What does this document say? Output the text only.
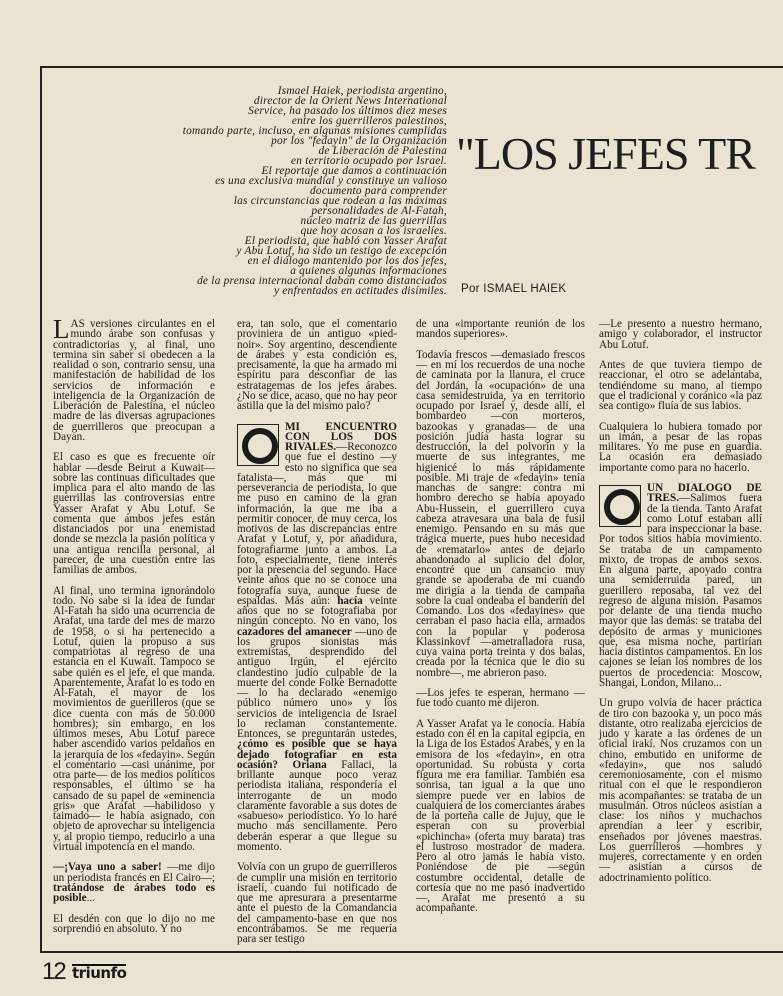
Ismael Haiek, periodista argentino,
director de la Orient News International
Service, ha pasado los últimos diez meses
entre los guerrilleros palestinos,
tomando parte, incluso, en algunas misiones cumplidas
por los "fedayin" de la Organización
de Liberación de Palestina
en territorio ocupado por Israel.
El reportaje que damos a continuación
es una exclusiva mundial y constituye un valioso
documento para comprender
las circunstancias que rodean a las máximas
personalidades de Al-Fatah,
núcleo matriz de las guerrillas
que hoy acosan a los israelíes.
El periodista, que habló con Yasser Arafat
y Abu Lotuf, ha sido un testigo de excepción
en el diálogo mantenido por los dos jefes,
a quienes algunas informaciones
de la prensa internacional daban como distanciados
y enfrentados en actitudes disímiles.
"LOS JEFES TR
Por ISMAEL HAIEK

LAS versiones circulantes en el mundo árabe son confusas y contradictorias y, al final, uno termina sin saber si obedecen a la realidad o son, contrario sensu, una manifestación de habilidad de los servicios de información e inteligencia de la Organización de Liberación de Palestina, el núcleo madre de las diversas agrupaciones de guerrilleros que preocupan a Dayan.

El caso es que es frecuente oír hablar —desde Beirut a Kuwait— sobre las continuas dificultades que implica para el alto mando de las guerrillas las controversias entre Yasser Arafat y Abu Lotuf. Se comenta que ambos jefes están distanciados por una enemistad donde se mezcla la pasión política y una antigua rencilla personal, al parecer, de una cuestión entre las familias de ambos.

Al final, uno termina ignorándolo todo. No sabe si la idea de fundar Al-Fatah ha sido una ocurrencia de Arafat, una tarde del mes de marzo de 1958, o si ha pertenecido a Lotuf, quien la propuso a sus compatriotas al regreso de una estancia en el Kuwait. Tampoco se sabe quién es el jefe, el que manda. Aparentemente, Arafat lo es todo en Al-Fatah, el mayor de los movimientos de guerilleros (que se dice cuenta con más de 50.000 hombres); sin embargo, en los últimos meses, Abu Lotuf parece haber ascendido varios peldaños en la jerarquía de los «fedayin». Según el comentario —casi unánime, por otra parte— de los medios políticos responsables, el último se ha cansado de su papel de «eminencia gris» que Arafat —habilidoso y taimado— le había asignado, con objeto de aprovechar su inteligencia y, al propio tiempo, reducirlo a una virtual impotencia en el mando.

—¡Vaya uno a saber! —me dijo un periodista francés en El Cairo—; tratándose de árabes todo es posible...

El desdén con que lo dijo no me sorprendió en absoluto. Y no

era, tan solo, que el comentario proviniera de un antiguo «pied-noir». Soy argentino, descendiente de árabes y esta condición es, precisamente, la que ha armado mi espíritu para desconfiar de las estratagemas de los jefes árabes. ¿No se dice, acaso, que no hay peor astilla que la del mismo palo?

MI ENCUENTRO CON LOS DOS RIVALES.—Reconozco que fue el destino —y esto no significa que sea fatalista—, más que mi perseverancia de periodista, lo que me puso en camino de la gran información, la que me iba a permitir conocer, de muy cerca, los motivos de las discrepancias entre Arafat y Lotuf, y, por añadidura, fotografiarme junto a ambos. La foto, especialmente, tiene interés por la presencia del segundo. Hace veinte años que no se conoce una fotografía suya, aunque fuese de espaldas. Más aún: hacía veinte años que no se fotografiaba por ningún concepto. No en vano, los cazadores del amanecer —uno de los grupos sionistas más extremistas, desprendido del antiguo Irgún, el ejército clandestino judío culpable de la muerte del conde Folke Bernadotte— lo ha declarado «enemigo público número uno» y los servicios de inteligencia de Israel lo reclaman constantemente. Entonces, se preguntarán ustedes, ¿cómo es posible que se haya dejado fotografiar en esta ocasión? Oriana Fallaci, la brillante aunque poco veraz periodista italiana, respondería el interrogante de un modo claramente favorable a sus dotes de «sabueso» periodístico. Yo lo haré mucho más sencillamente. Pero deberán esperar a que llegue su momento.

Volvía con un grupo de guerrilleros de cumplir una misión en territorio israelí, cuando fui notificado de que me apresurara a presentarme ante el puesto de la Comandancia del campamento-base en que nos encontrábamos. Se me requería para ser testigo

de una «importante reunión de los mandos superiores».

Todavía frescos —demasiado frescos— en mí los recuerdos de una noche de caminata por la llanura, el cruce del Jordán, la «ocupación» de una casa semidestruida, ya en territorio ocupado por Israel y, desde allí, el bombardeo —con morteros, bazookas y granadas— de una posición judía hasta lograr su destrucción, la del polvorín y la muerte de sus integrantes, me higienicé lo más rápidamente posible. Mi traje de «fedayin» tenía manchas de sangre: contra mi hombro derecho se había apoyado Abu-Hussein, el guerrillero cuya cabeza atravesara una bala de fusil enemigo. Pensando en su más que trágica muerte, pues hubo necesidad de «rematarlo» antes de dejarlo abandonado al suplicio del dolor, encontré que un cansancio muy grande se apoderaba de mí cuando me dirigía a la tienda de campaña sobre la cual ondeaba el banderín del Comando. Los dos «fedayines» que cerraban el paso hacia ella, armados con la popular y poderosa Klassinkovf —ametralladora rusa, cuya vaina porta treinta y dos balas, creada por la técnica que le dio su nombre—, me abrieron paso.

—Los jefes te esperan, hermano —fue todo cuanto me dijeron.

A Yasser Arafat ya le conocía. Había estado con él en la capital egipcia, en la Liga de los Estados Arabes, y en la emisora de los «fedayin», en otra oportunidad. Su robusta y corta figura me era familiar. También esa sonrisa, tan igual a la que uno siempre puede ver en labios de cualquiera de los comerciantes árabes de la porteña calle de Jujuy, que le esperan con su proverbial «pichincha» (oferta muy barata) tras el lustroso mostrador de madera. Pero al otro jamás le había visto. Poniéndose de pie —según costumbre occidental, detalle de cortesía que no me pasó inadvertido—, Arafat me presentó a su acompañante.

—Le presento a nuestro hermano, amigo y colaborador, el instructor Abu Lotuf.

Antes de que tuviera tiempo de reaccionar, el otro se adelantaba, tendiéndome su mano, al tiempo que el tradicional y coránico «la paz sea contigo» fluía de sus labios.

Cualquiera lo hubiera tomado por un imán, a pesar de las ropas militares. Yo me puse en guardia. La ocasión era demasiado importante como para no hacerlo.

UN DIALOGO DE TRES.—Salimos fuera de la tienda. Tanto Arafat como Lotuf estaban allí para inspeccionar la base. Por todos sitios había movimiento. Se trataba de un campamento mixto, de tropas de ambos sexos. En alguna parte, apoyado contra una semiderruida pared, un guerillero reposaba, tal vez del regreso de alguna misión. Pasamos por delante de una tienda mucho mayor que las demás: se trataba del depósito de armas y municiones que, esa misma noche, partirían hacia distintos campamentos. En los cajones se leían los nombres de los puertos de procedencia: Moscow, Shangai, London, Milano...

Un grupo volvía de hacer práctica de tiro con bazooka y, un poco más distante, otro realizaba ejercicios de judo y karate a las órdenes de un oficial irakí. Nos cruzamos con un chino, embutido en uniforme de «fedayin», que nos saludó ceremoniosamente, con el mismo ritual con el que le respondieron mis acompañantes: se trataba de un musulmán. Otros núcleos asistían a clase: los niños y muchachos aprendían a leer y escribir, enseñados por jóvenes maestras. Los guerrilleros —hombres y mujeres, correctamente y en orden— asistían a cursos de adoctrinamiento político.

12 triunfo
